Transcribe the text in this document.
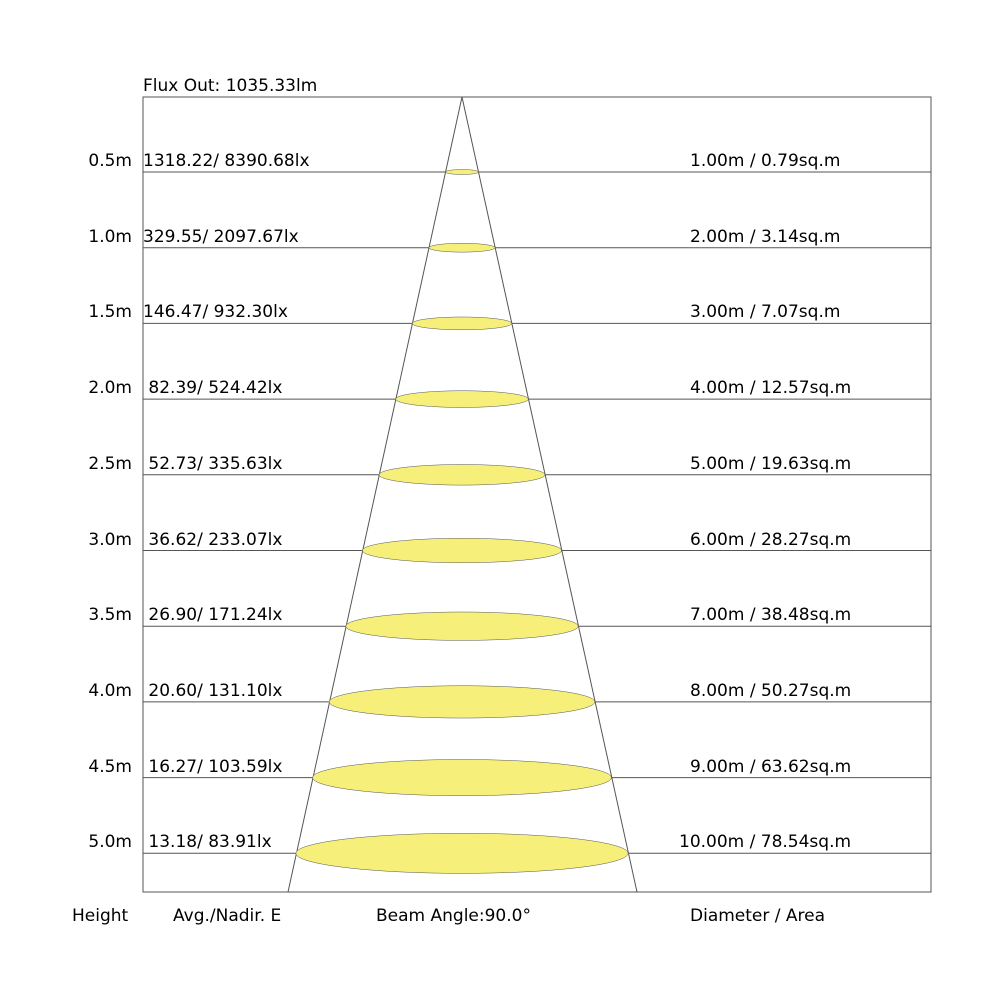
Flux Out: 1035.33lm
0.5m 1318.22/ 8390.68lx	1.00m / 0.79sq.m
1.0m 329.55/ 2097.67lx	2.00m / 3.14sq.m
1.5m 146.47/ 932.30lx	3.00m / 7.07sq.m
2.0m 82.39/ 524.42lx	4.00m / 12.57sq.m
2.5m 52.73/ 335.63lx	5.00m / 19.63sq.m
3.0m 36.62/ 233.07lx	6.00m / 28.27sq.m
3.5m 26.90/ 171.24lx	7.00m / 38.48sq.m
4.0m 20.60/ 131.10lx	8.00m / 50.27sq.m
4.5m 16.27/ 103.59lx	9.00m / 63.62sq.m
5.0m 13.18/ 83.91lx	10.00m / 78.54sq.m
Height	Avg./Nadir. E	Beam Angle:90.0°	Diameter / Area
